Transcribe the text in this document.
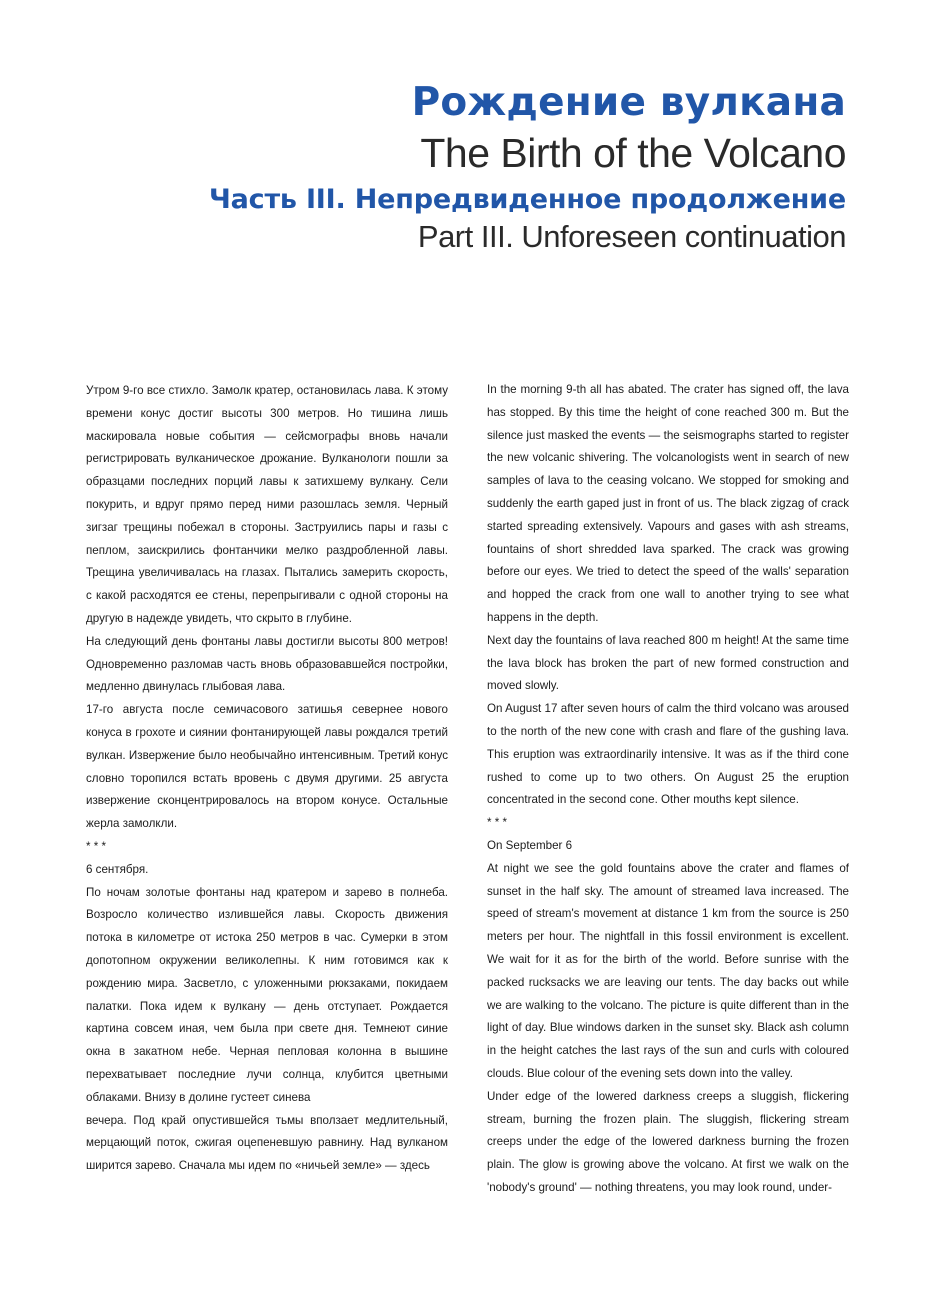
Рождение вулкана
The Birth of the Volcano
Часть III. Непредвиденное продолжение
Part III. Unforeseen continuation

Утром 9-го все стихло. Замолк кратер, остановилась лава. К этому времени конус достиг высоты 300 метров. Но тишина лишь маскировала новые события — сейсмографы вновь начали регистрировать вулканическое дрожание. Вулканологи пошли за образцами последних порций лавы к затихшему вулкану. Сели покурить, и вдруг прямо перед ними разошлась земля. Черный зигзаг трещины побежал в стороны. Заструились пары и газы с пеплом, заискрились фонтанчики мелко раздробленной лавы. Трещина увеличивалась на глазах. Пытались замерить скорость, с какой расходятся ее стены, перепрыгивали с одной стороны на другую в надежде увидеть, что скрыто в глубине.

На следующий день фонтаны лавы достигли высоты 800 метров! Одновременно разломав часть вновь образовавшейся постройки, медленно двинулась глыбовая лава.

17-го августа после семичасового затишья севернее нового конуса в грохоте и сиянии фонтанирующей лавы рождался третий вулкан. Извержение было необычайно интенсивным. Третий конус словно торопился встать вровень с двумя другими. 25 августа извержение сконцентрировалось на втором конусе. Остальные жерла замолкли.

* * *

6 сентября.

По ночам золотые фонтаны над кратером и зарево в полнеба. Возросло количество излившейся лавы. Скорость движения потока в километре от истока 250 метров в час. Сумерки в этом допотопном окружении великолепны. К ним готовимся как к рождению мира. Засветло, с уложенными рюкзаками, покидаем палатки. Пока идем к вулкану — день отступает. Рождается картина совсем иная, чем была при свете дня. Темнеют синие окна в закатном небе. Черная пепловая колонна в вышине перехватывает последние лучи солнца, клубится цветными облаками. Внизу в долине густеет синева

вечера. Под край опустившейся тьмы вползает медлительный, мерцающий поток, сжигая оцепеневшую равнину. Над вулканом ширится зарево. Сначала мы идем по «ничьей земле» — здесь

In the morning 9-th all has abated. The crater has signed off, the lava has stopped. By this time the height of cone reached 300 m. But the silence just masked the events — the seismographs started to register the new volcanic shivering. The volcanologists went in search of new samples of lava to the ceasing volcano. We stopped for smoking and suddenly the earth gaped just in front of us. The black zigzag of crack started spreading extensively. Vapours and gases with ash streams, fountains of short shredded lava sparked. The crack was growing before our eyes. We tried to detect the speed of the walls' separation and hopped the crack from one wall to another trying to see what happens in the depth.

Next day the fountains of lava reached 800 m height! At the same time the lava block has broken the part of new formed construction and moved slowly.

On August 17 after seven hours of calm the third volcano was aroused to the north of the new cone with crash and flare of the gushing lava. This eruption was extraordinarily intensive. It was as if the third cone rushed to come up to two others. On August 25 the eruption concentrated in the second cone. Other mouths kept silence.

* * *

On September 6

At night we see the gold fountains above the crater and flames of sunset in the half sky. The amount of streamed lava increased. The speed of stream's movement at distance 1 km from the source is 250 meters per hour. The nightfall in this fossil environment is excellent. We wait for it as for the birth of the world. Before sunrise with the packed rucksacks we are leaving our tents. The day backs out while we are walking to the volcano. The picture is quite different than in the light of day. Blue windows darken in the sunset sky. Black ash column in the height catches the last rays of the sun and curls with coloured clouds. Blue colour of the evening sets down into the valley.

Under edge of the lowered darkness creeps a sluggish, flickering stream, burning the frozen plain. The sluggish, flickering stream creeps under the edge of the lowered darkness burning the frozen plain. The glow is growing above the volcano. At first we walk on the 'nobody's ground' — nothing threatens, you may look round, under-
